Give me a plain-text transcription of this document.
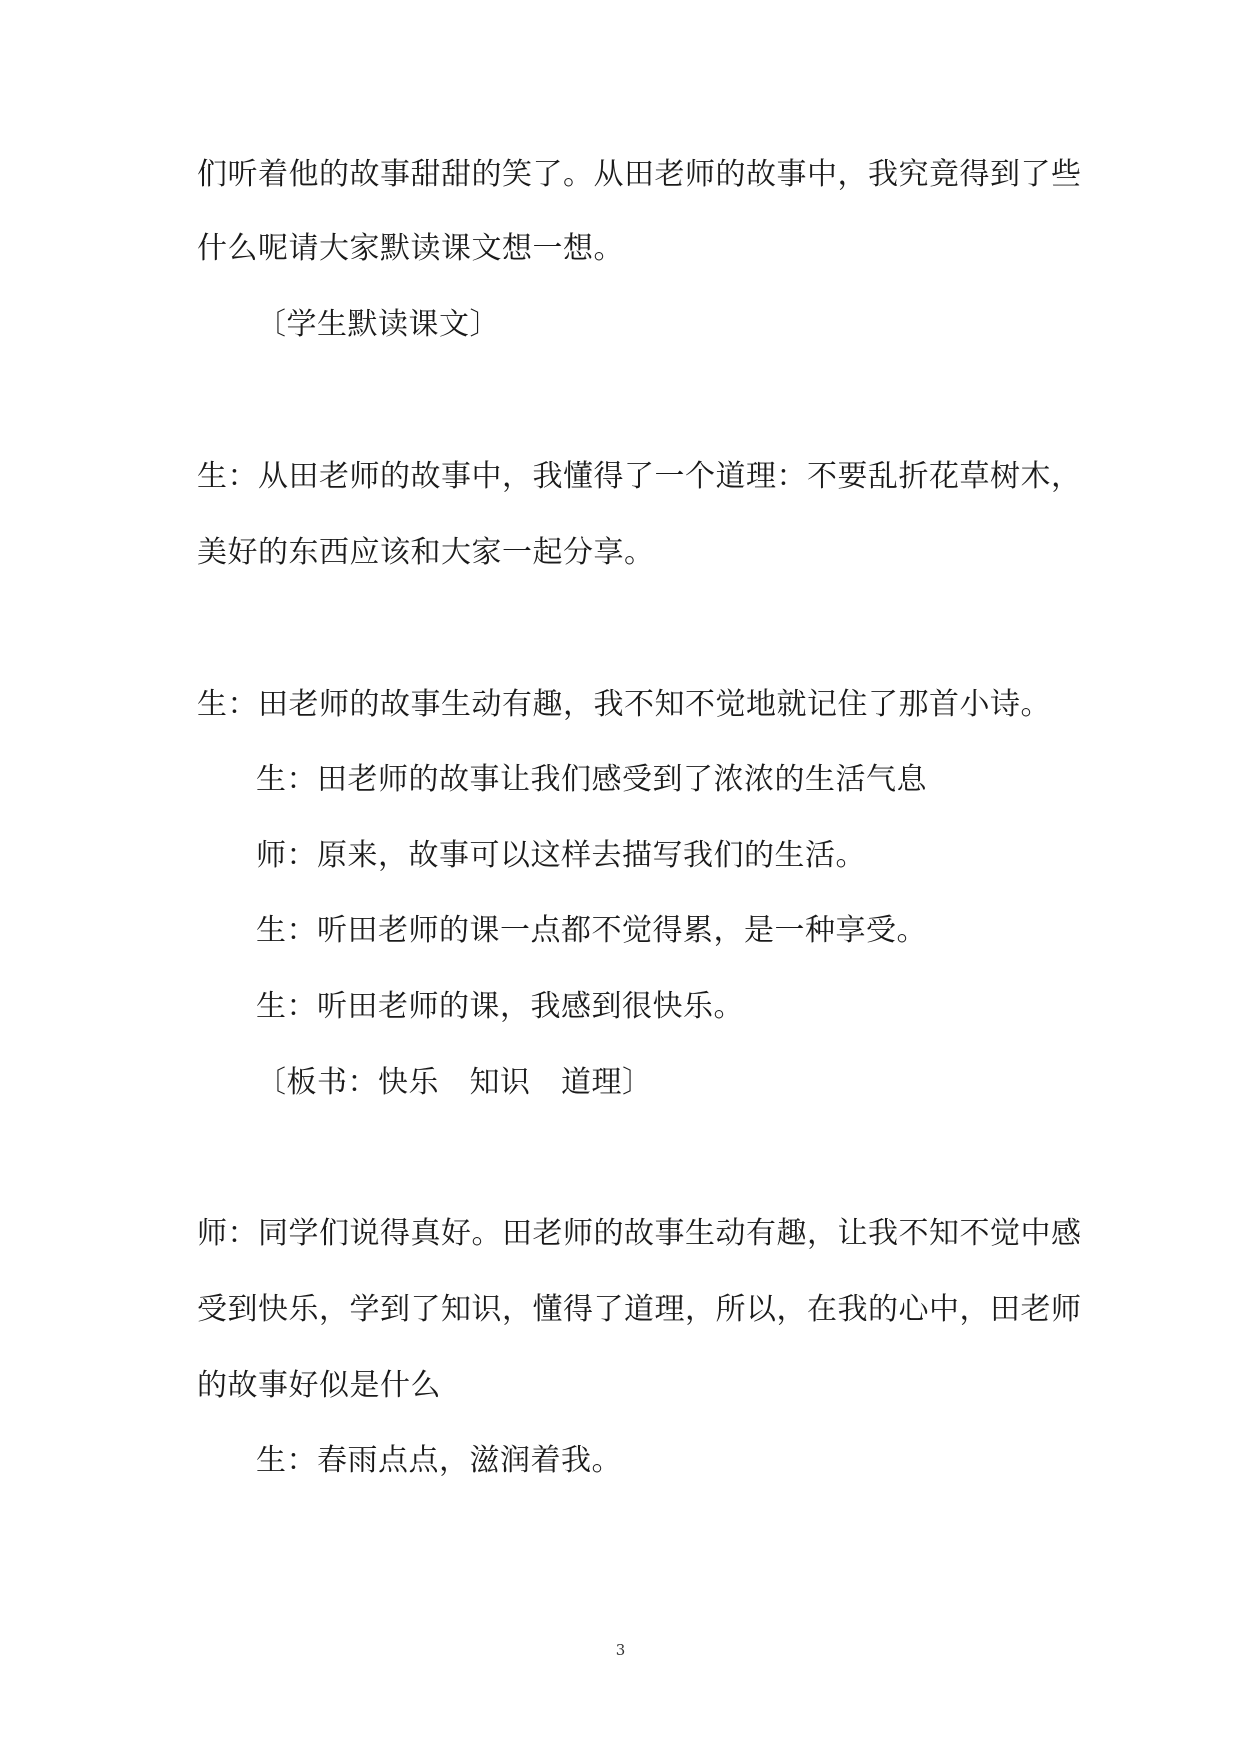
们听着他的故事甜甜的笑了。从田老师的故事中，我究竟得到了些
什么呢请大家默读课文想一想。
〔学生默读课文〕
生：从田老师的故事中，我懂得了一个道理：不要乱折花草树木，
美好的东西应该和大家一起分享。
生：田老师的故事生动有趣，我不知不觉地就记住了那首小诗。
生：田老师的故事让我们感受到了浓浓的生活气息
师：原来，故事可以这样去描写我们的生活。
生：听田老师的课一点都不觉得累，是一种享受。
生：听田老师的课，我感到很快乐。
〔板书：快乐　知识　道理〕
师：同学们说得真好。田老师的故事生动有趣，让我不知不觉中感
受到快乐，学到了知识，懂得了道理，所以，在我的心中，田老师
的故事好似是什么
生：春雨点点，滋润着我。
3
